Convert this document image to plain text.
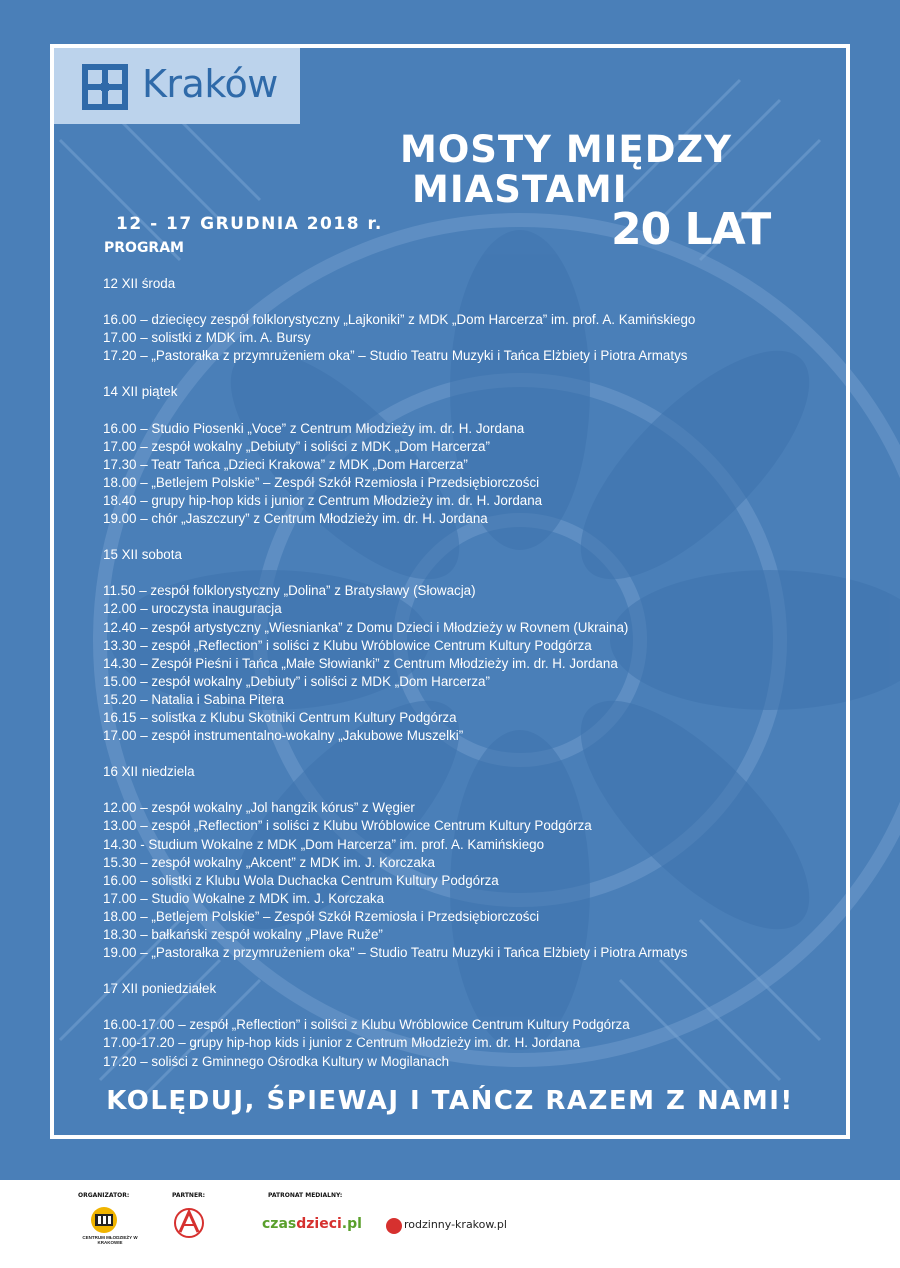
Kraków
MOSTY MIĘDZY
MIASTAMI
20 LAT
12 - 17 GRUDNIA 2018 r.
PROGRAM
12 XII środa
16.00 – dziecięcy zespół folklorystyczny „Lajkoniki” z MDK „Dom Harcerza” im. prof. A. Kamińskiego
17.00 – solistki z MDK im. A. Bursy
17.20 – „Pastorałka z przymrużeniem oka” – Studio Teatru Muzyki i Tańca Elżbiety i Piotra Armatys
14 XII piątek
16.00 – Studio Piosenki „Voce” z Centrum Młodzieży im. dr. H. Jordana
17.00 – zespół wokalny „Debiuty” i soliści z MDK „Dom Harcerza”
17.30 – Teatr Tańca „Dzieci Krakowa” z MDK „Dom Harcerza”
18.00 – „Betlejem Polskie” – Zespół Szkół Rzemiosła i Przedsiębiorczości
18.40 – grupy hip-hop kids i junior z Centrum Młodzieży im. dr. H. Jordana
19.00 – chór „Jaszczury” z Centrum Młodzieży im. dr. H. Jordana
15 XII sobota
11.50 – zespół folklorystyczny „Dolina” z Bratysławy (Słowacja)
12.00 – uroczysta inauguracja
12.40 – zespół artystyczny „Wiesnianka” z Domu Dzieci i Młodzieży w Rovnem (Ukraina)
13.30 – zespół „Reflection” i soliści z Klubu Wróblowice Centrum Kultury Podgórza
14.30 – Zespół Pieśni i Tańca „Małe Słowianki” z Centrum Młodzieży im. dr. H. Jordana
15.00 – zespół wokalny „Debiuty” i soliści z MDK „Dom Harcerza”
15.20 – Natalia i Sabina Pitera
16.15 – solistka z Klubu Skotniki Centrum Kultury Podgórza
17.00 – zespół instrumentalno-wokalny „Jakubowe Muszelki”
16 XII niedziela
12.00 – zespół wokalny „Jol hangzik kórus” z Węgier
13.00 – zespół „Reflection” i soliści z Klubu Wróblowice Centrum Kultury Podgórza
14.30 - Studium Wokalne z MDK „Dom Harcerza” im. prof. A. Kamińskiego
15.30 – zespół wokalny „Akcent” z MDK im. J. Korczaka
16.00 – solistki z Klubu Wola Duchacka Centrum Kultury Podgórza
17.00 – Studio Wokalne z MDK im. J. Korczaka
18.00 – „Betlejem Polskie” – Zespół Szkół Rzemiosła i Przedsiębiorczości
18.30 – bałkański zespół wokalny „Plave Ruže”
19.00 – „Pastorałka z przymrużeniem oka” – Studio Teatru Muzyki i Tańca Elżbiety i Piotra Armatys
17 XII poniedziałek
16.00-17.00 – zespół „Reflection” i soliści z Klubu Wróblowice Centrum Kultury Podgórza
17.00-17.20 – grupy hip-hop kids i junior z Centrum Młodzieży im. dr. H. Jordana
17.20 – soliści z Gminnego Ośrodka Kultury w Mogilanach
KOLĘDUJ, ŚPIEWAJ I TAŃCZ RAZEM Z NAMI!
ORGANIZATOR:	PARTNER:	PATRONAT MEDIALNY:
CENTRUM MŁODZIEŻY W KRAKOWIE
czasdzieci.pl	rodzinny-krakow.pl
